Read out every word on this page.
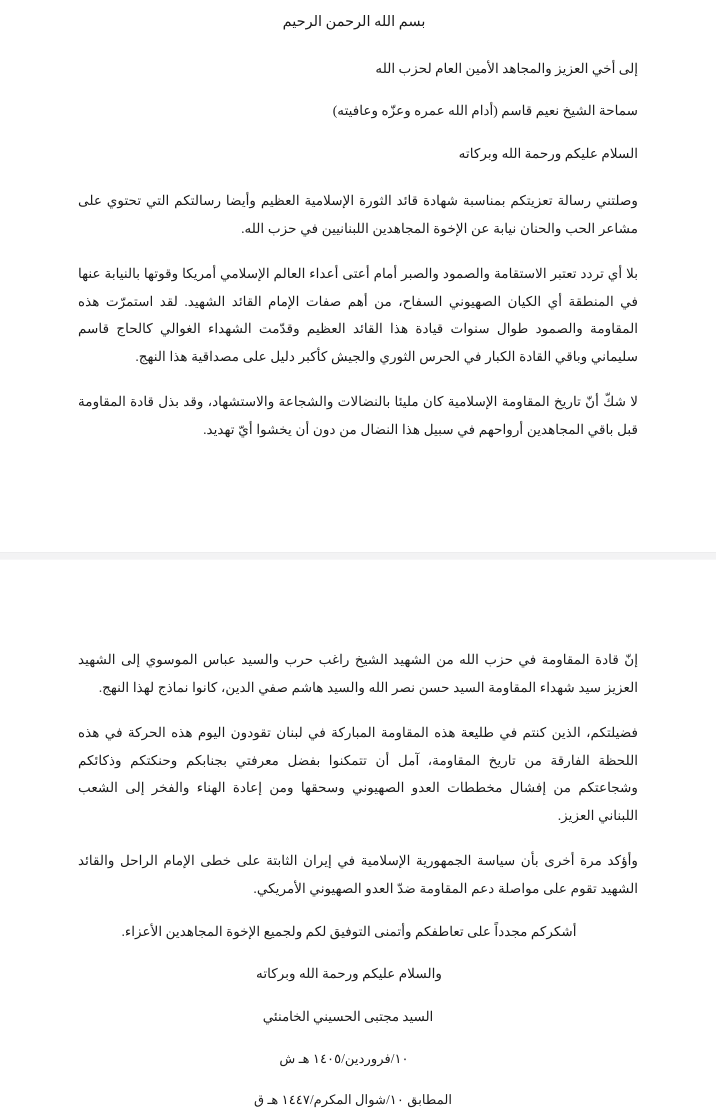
بسم الله الرحمن الرحيم

إلى أخي العزيز والمجاهد الأمين العام لحزب الله

سماحة الشيخ نعيم قاسم (أدام الله عمره وعزّه وعافيته)

السلام عليكم ورحمة الله وبركاته

وصلتني رسالة تعزيتكم بمناسبة شهادة قائد الثورة الإسلامية العظيم وأيضا رسالتكم التي تحتوي على مشاعر الحب والحنان نيابة عن الإخوة المجاهدين اللبنانيين في حزب الله.

بلا أي تردد تعتبر الاستقامة والصمود والصبر أمام أعتى أعداء العالم الإسلامي أمريكا وقوتها بالنيابة عنها في المنطقة أي الكيان الصهيوني السفاح، من أهم صفات الإمام القائد الشهيد. لقد استمرّت هذه المقاومة والصمود طوال سنوات قيادة هذا القائد العظيم وقدّمت الشهداء الغوالي كالحاج قاسم سليماني وباقي القادة الكبار في الحرس الثوري والجيش كأكبر دليل على مصداقية هذا النهج.

لا شكّ أنّ تاريخ المقاومة الإسلامية كان مليئا بالنضالات والشجاعة والاستشهاد، وقد بذل قادة المقاومة قبل باقي المجاهدين أرواحهم في سبيل هذا النضال من دون أن يخشوا أيّ تهديد.

إنّ قادة المقاومة في حزب الله من الشهيد الشيخ راغب حرب والسيد عباس الموسوي إلى الشهيد العزيز سيد شهداء المقاومة السيد حسن نصر الله والسيد هاشم صفي الدين، كانوا نماذج لهذا النهج.

فضيلتكم، الذين كنتم في طليعة هذه المقاومة المباركة في لبنان تقودون اليوم هذه الحركة في هذه اللحظة الفارقة من تاريخ المقاومة، آمل أن تتمكنوا بفضل معرفتي بجنابكم وحنكتكم وذكائكم وشجاعتكم من إفشال مخططات العدو الصهيوني وسحقها ومن إعادة الهناء والفخر إلى الشعب اللبناني العزيز.

وأؤكد مرة أخرى بأن سياسة الجمهورية الإسلامية في إيران الثابتة على خطى الإمام الراحل والقائد الشهيد تقوم على مواصلة دعم المقاومة ضدّ العدو الصهيوني الأمريكي.

أشكركم مجدداً على تعاطفكم وأتمنى التوفيق لكم ولجميع الإخوة المجاهدين الأعزاء.

والسلام عليكم ورحمة الله وبركاته

السيد مجتبى الحسيني الخامنئي

١٠/فروردين/١٤٠٥ هـ ش

المطابق ١٠/شوال المكرم/١٤٤٧ هـ ق
